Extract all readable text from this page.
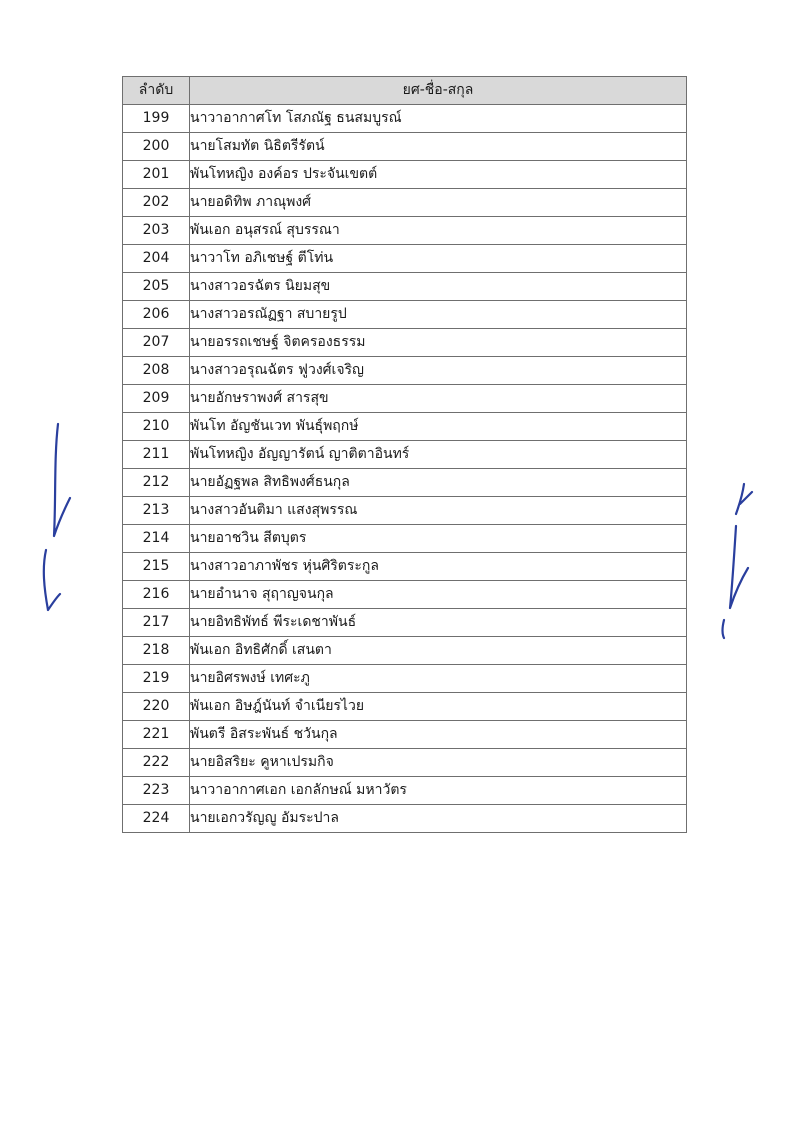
ลำดับ	ยศ-ชื่อ-สกุล
199	นาวาอากาศโท โสภณัฐ ธนสมบูรณ์
200	นายโสมทัต นิธิตรีรัตน์
201	พันโทหญิง องค์อร ประจันเขตต์
202	นายอดิทิพ ภาณุพงศ์
203	พันเอก อนุสรณ์ สุบรรณา
204	นาวาโท อภิเชษฐ์ ตีโท่น
205	นางสาวอรฉัตร นิยมสุข
206	นางสาวอรณัฏฐา สบายรูป
207	นายอรรถเชษฐ์ จิตครองธรรม
208	นางสาวอรุณฉัตร ฟูวงศ์เจริญ
209	นายอักษราพงศ์ สารสุข
210	พันโท อัญชันเวท พันธุ์พฤกษ์
211	พันโทหญิง อัญญารัตน์ ญาติตาอินทร์
212	นายอัฏฐพล สิทธิพงศ์ธนกุล
213	นางสาวอันติมา แสงสุพรรณ
214	นายอาชวิน สีตบุตร
215	นางสาวอาภาพัชร หุ่นศิริตระกูล
216	นายอำนาจ สุฤาญจนกุล
217	นายอิทธิพัทธ์ พีระเดชาพันธ์
218	พันเอก อิทธิศักดิ์ เสนตา
219	นายอิศรพงษ์ เทศะภู
220	พันเอก อิษฎ์นันท์ จำเนียรไวย
221	พันตรี อิสระพันธ์ ชวันกุล
222	นายอิสริยะ คูหาเปรมกิจ
223	นาวาอากาศเอก เอกลักษณ์ มหาวัตร
224	นายเอกวรัญญู อัมระปาล
